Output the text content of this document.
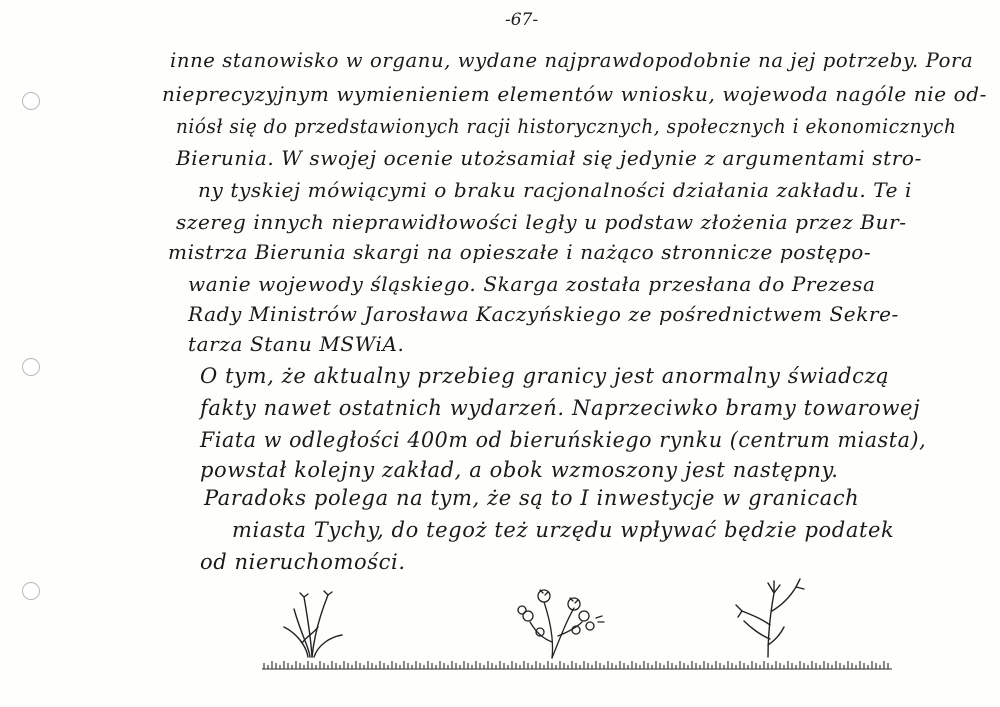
-67-
inne stanowisko w organu, wydane najprawdopodobnie na jej potrzeby. Pora
nieprecyzyjnym wymienieniem elementów wniosku, wojewoda nagóle nie od-
niósł się do przedstawionych racji historycznych, społecznych i ekonomicznych
Bierunia. W swojej ocenie utożsamiał się jedynie z argumentami stro-
ny tyskiej mówiącymi o braku racjonalności działania zakładu. Te i
szereg innych nieprawidłowości legły u podstaw złożenia przez Bur-
mistrza Bierunia skargi na opieszałe i nażąco stronnicze postępo-
wanie wojewody śląskiego. Skarga została przesłana do Prezesa
Rady Ministrów Jarosława Kaczyńskiego ze pośrednictwem Sekre-
tarza Stanu MSWiA.
O tym, że aktualny przebieg granicy jest anormalny świadczą
fakty nawet ostatnich wydarzeń. Naprzeciwko bramy towarowej
Fiata w odległości 400m od bieruńskiego rynku (centrum miasta),
powstał kolejny zakład, a obok wzmoszony jest następny.
Paradoks polega na tym, że są to I inwestycje w granicach
miasta Tychy, do tegoż też urzędu wpływać będzie podatek
od nieruchomości.
